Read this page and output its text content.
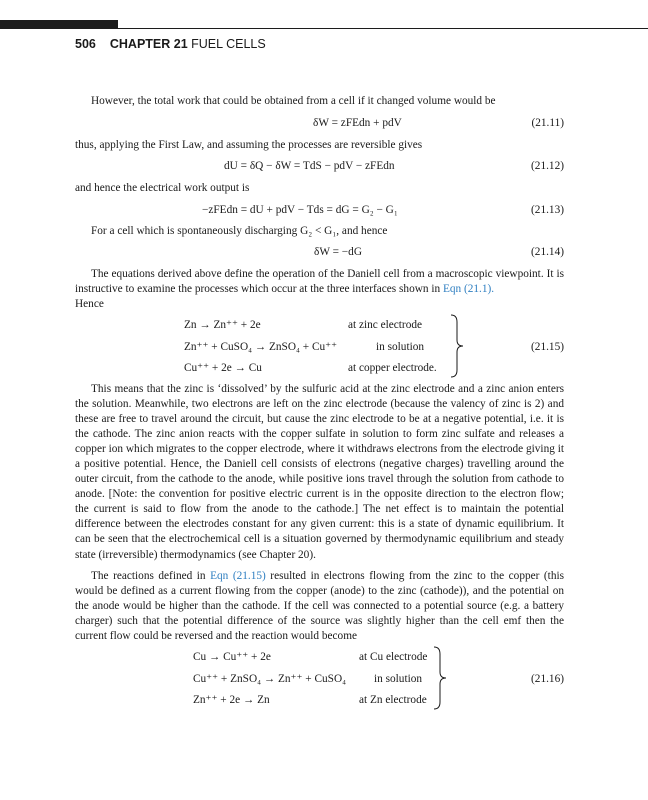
506 CHAPTER 21 FUEL CELLS
However, the total work that could be obtained from a cell if it changed volume would be
δW = zFEdn + pdV	(21.11)
thus, applying the First Law, and assuming the processes are reversible gives
dU = δQ − δW = TdS − pdV − zFEdn	(21.12)
and hence the electrical work output is
−zFEdn = dU + pdV − Tds = dG = G₂ − G₁	(21.13)
For a cell which is spontaneously discharging G₂ < G₁, and hence
δW = −dG	(21.14)
The equations derived above define the operation of the Daniell cell from a macroscopic viewpoint. It is instructive to examine the processes which occur at the three interfaces shown in Eqn (21.1).
Hence
Zn → Zn⁺⁺ + 2e	at zinc electrode
Zn⁺⁺ + CuSO₄ → ZnSO₄ + Cu⁺⁺	in solution
Cu⁺⁺ + 2e → Cu	at copper electrode.
(21.15)
This means that the zinc is ‘dissolved’ by the sulfuric acid at the zinc electrode and a zinc anion enters the solution. Meanwhile, two electrons are left on the zinc electrode (because the valency of zinc is 2) and these are free to travel around the circuit, but cause the zinc electrode to be at a negative potential, i.e. it is the cathode. The zinc anion reacts with the copper sulfate in solution to form zinc sulfate and releases a copper ion which migrates to the copper electrode, where it withdraws electrons from the electrode giving it a positive potential. Hence, the Daniell cell consists of electrons (negative charges) travelling around the outer circuit, from the cathode to the anode, while positive ions travel through the solution from cathode to anode. [Note: the convention for positive electric current is in the opposite direction to the electron flow; the current is said to flow from the anode to the cathode.] The net effect is to maintain the potential difference between the electrodes constant for any given current: this is a state of dynamic equilibrium. It can be seen that the electrochemical cell is a situation governed by thermodynamic equilibrium and steady state (irreversible) thermodynamics (see Chapter 20).
The reactions defined in Eqn (21.15) resulted in electrons flowing from the zinc to the copper (this would be defined as a current flowing from the copper (anode) to the zinc (cathode)), and the potential on the anode would be higher than the cathode. If the cell was connected to a potential source (e.g. a battery charger) such that the potential difference of the source was slightly higher than the cell emf then the current flow could be reversed and the reaction would become
Cu → Cu⁺⁺ + 2e	at Cu electrode
Cu⁺⁺ + ZnSO₄ → Zn⁺⁺ + CuSO₄ in solution
Zn⁺⁺ + 2e → Zn	at Zn electrode
(21.16)
